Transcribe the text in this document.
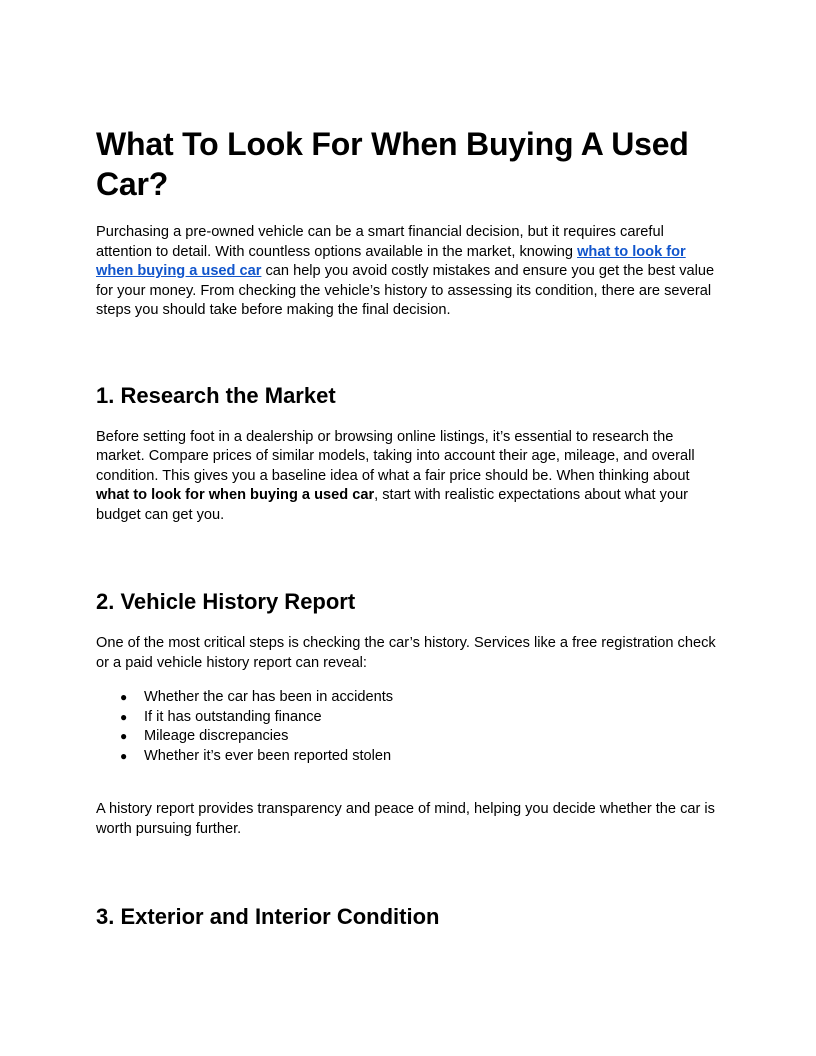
What To Look For When Buying A Used Car?

Purchasing a pre-owned vehicle can be a smart financial decision, but it requires careful attention to detail. With countless options available in the market, knowing what to look for when buying a used car can help you avoid costly mistakes and ensure you get the best value for your money. From checking the vehicle’s history to assessing its condition, there are several steps you should take before making the final decision.

1. Research the Market

Before setting foot in a dealership or browsing online listings, it’s essential to research the market. Compare prices of similar models, taking into account their age, mileage, and overall condition. This gives you a baseline idea of what a fair price should be. When thinking about what to look for when buying a used car, start with realistic expectations about what your budget can get you.

2. Vehicle History Report

One of the most critical steps is checking the car’s history. Services like a free registration check or a paid vehicle history report can reveal:

● Whether the car has been in accidents
● If it has outstanding finance
● Mileage discrepancies
● Whether it’s ever been reported stolen

A history report provides transparency and peace of mind, helping you decide whether the car is worth pursuing further.

3. Exterior and Interior Condition
